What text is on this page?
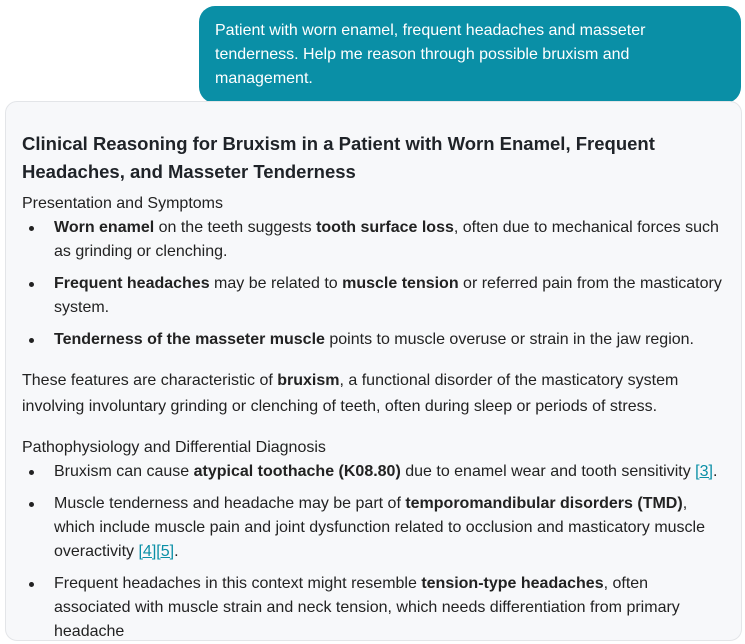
Patient with worn enamel, frequent headaches and masseter tenderness. Help me reason through possible bruxism and management.
Clinical Reasoning for Bruxism in a Patient with Worn Enamel, Frequent Headaches, and Masseter Tenderness
Presentation and Symptoms
Worn enamel on the teeth suggests tooth surface loss, often due to mechanical forces such as grinding or clenching.
Frequent headaches may be related to muscle tension or referred pain from the masticatory system.
Tenderness of the masseter muscle points to muscle overuse or strain in the jaw region.
These features are characteristic of bruxism, a functional disorder of the masticatory system involving involuntary grinding or clenching of teeth, often during sleep or periods of stress.
Pathophysiology and Differential Diagnosis
Bruxism can cause atypical toothache (K08.80) due to enamel wear and tooth sensitivity [3].
Muscle tenderness and headache may be part of temporomandibular disorders (TMD), which include muscle pain and joint dysfunction related to occlusion and masticatory muscle overactivity [4][5].
Frequent headaches in this context might resemble tension-type headaches, often associated with muscle strain and neck tension, which needs differentiation from primary headache
